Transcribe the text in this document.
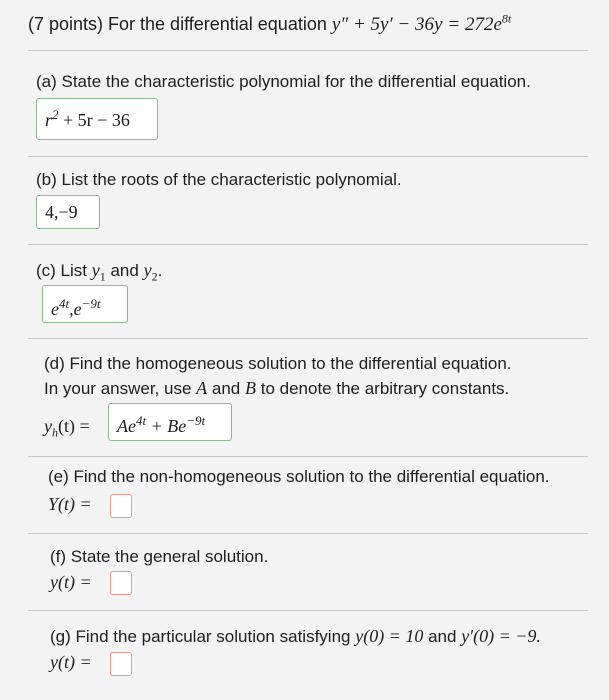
(7 points) For the differential equation $y'' + 5y' - 36y = 272e^{8t}$
(a) State the characteristic polynomial for the differential equation.
$r^2 + 5r - 36$
(b) List the roots of the characteristic polynomial.
4,−9
(c) List $y_1$ and $y_2$.
$e^{4t},e^{-9t}$
(d) Find the homogeneous solution to the differential equation.
In your answer, use A and B to denote the arbitrary constants.
$y_h(t) = Ae^{4t} + Be^{-9t}$
(e) Find the non-homogeneous solution to the differential equation.
Y(t) =
(f) State the general solution.
y(t) =
(g) Find the particular solution satisfying y(0) = 10 and y′(0) = −9.
y(t) =
